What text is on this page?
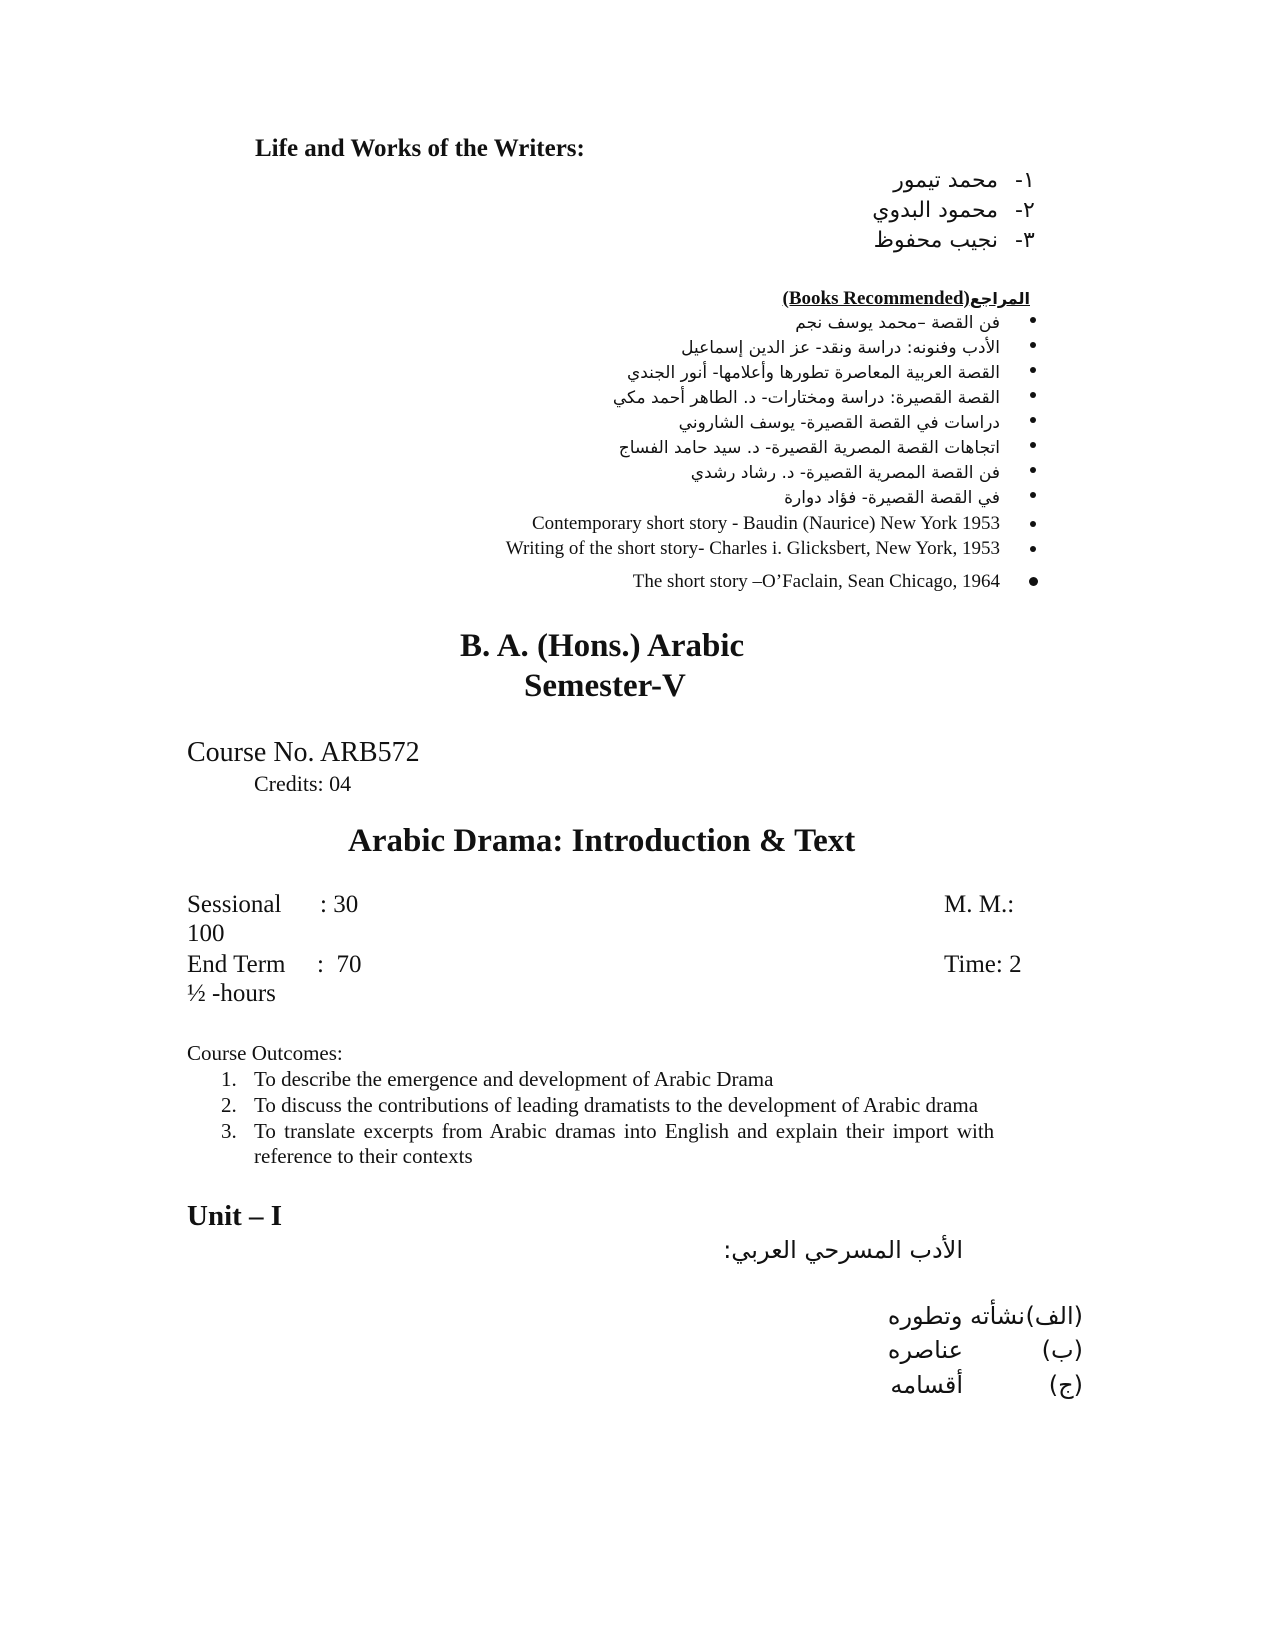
Life and Works of the Writers:
١-
محمد تيمور
٢-
محمود البدوي
٣-
نجيب محفوظ
(Books Recommended)المراجع
فن القصة –محمد يوسف نجم
الأدب وفنونه: دراسة ونقد- عز الدين إسماعيل
القصة العربية المعاصرة تطورها وأعلامها- أنور الجندي
القصة القصيرة: دراسة ومختارات- د. الطاهر أحمد مكي
دراسات في القصة القصيرة- يوسف الشاروني
اتجاهات القصة المصرية القصيرة- د. سيد حامد الفساج
فن القصة المصرية القصيرة- د. رشاد رشدي
في القصة القصيرة- فؤاد دوارة
Contemporary short story - Baudin (Naurice) New York 1953
Writing of the short story- Charles i. Glicksbert, New York, 1953
The short story –O’Faclain, Sean Chicago, 1964
B. A. (Hons.) Arabic
Semester-V
Course No. ARB572
Credits: 04
Arabic Drama: Introduction & Text
Sessional : 30	M. M.:
100
End Term :  70	Time: 2
½ -hours
Course Outcomes:
1. To describe the emergence and development of Arabic Drama
2. To discuss the contributions of leading dramatists to the development of Arabic drama
3. To translate excerpts from Arabic dramas into English and explain their import with
reference to their contexts
Unit – I
الأدب المسرحي العربي:
(الف)
نشأته وتطوره
(ب)
عناصره
(ج)
أقسامه
